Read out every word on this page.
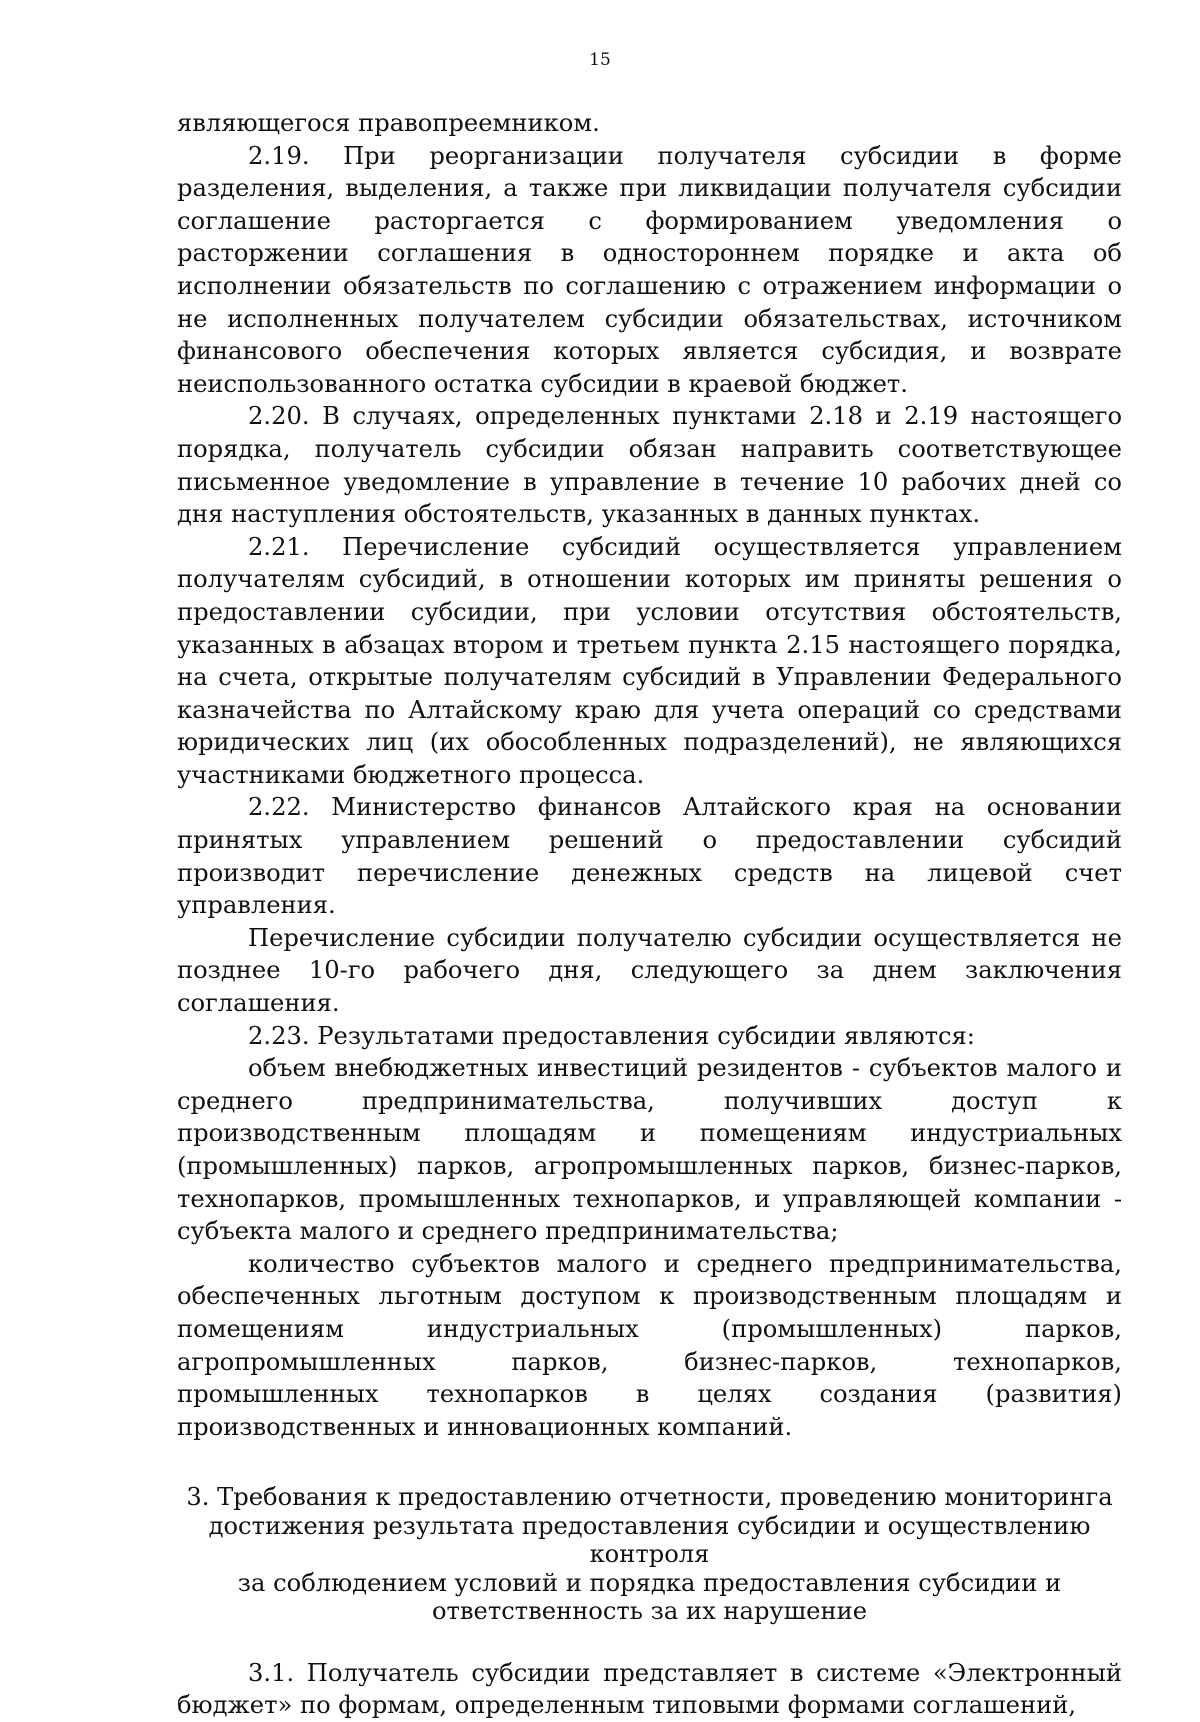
15

являющегося правопреемником.

2.19. При реорганизации получателя субсидии в форме разделения, выделения, а также при ликвидации получателя субсидии соглашение расторгается с формированием уведомления о расторжении соглашения в одностороннем порядке и акта об исполнении обязательств по соглашению с отражением информации о не исполненных получателем субсидии обязательствах, источником финансового обеспечения которых является субсидия, и возврате неиспользованного остатка субсидии в краевой бюджет.

2.20. В случаях, определенных пунктами 2.18 и 2.19 настоящего порядка, получатель субсидии обязан направить соответствующее письменное уведомление в управление в течение 10 рабочих дней со дня наступления обстоятельств, указанных в данных пунктах.

2.21. Перечисление субсидий осуществляется управлением получателям субсидий, в отношении которых им приняты решения о предоставлении субсидии, при условии отсутствия обстоятельств, указанных в абзацах втором и третьем пункта 2.15 настоящего порядка, на счета, открытые получателям субсидий в Управлении Федерального казначейства по Алтайскому краю для учета операций со средствами юридических лиц (их обособленных подразделений), не являющихся участниками бюджетного процесса.

2.22. Министерство финансов Алтайского края на основании принятых управлением решений о предоставлении субсидий производит перечисление денежных средств на лицевой счет управления.

Перечисление субсидии получателю субсидии осуществляется не позднее 10-го рабочего дня, следующего за днем заключения соглашения.

2.23. Результатами предоставления субсидии являются:

объем внебюджетных инвестиций резидентов - субъектов малого и среднего предпринимательства, получивших доступ к производственным площадям и помещениям индустриальных (промышленных) парков, агропромышленных парков, бизнес-парков, технопарков, промышленных технопарков, и управляющей компании - субъекта малого и среднего предпринимательства;

количество субъектов малого и среднего предпринимательства, обеспеченных льготным доступом к производственным площадям и помещениям индустриальных (промышленных) парков, агропромышленных парков, бизнес-парков, технопарков, промышленных технопарков в целях создания (развития) производственных и инновационных компаний.

3. Требования к предоставлению отчетности, проведению мониторинга
достижения результата предоставления субсидии и осуществлению контроля
за соблюдением условий и порядка предоставления субсидии и
ответственность за их нарушение

3.1. Получатель субсидии представляет в системе «Электронный бюджет» по формам, определенным типовыми формами соглашений,
